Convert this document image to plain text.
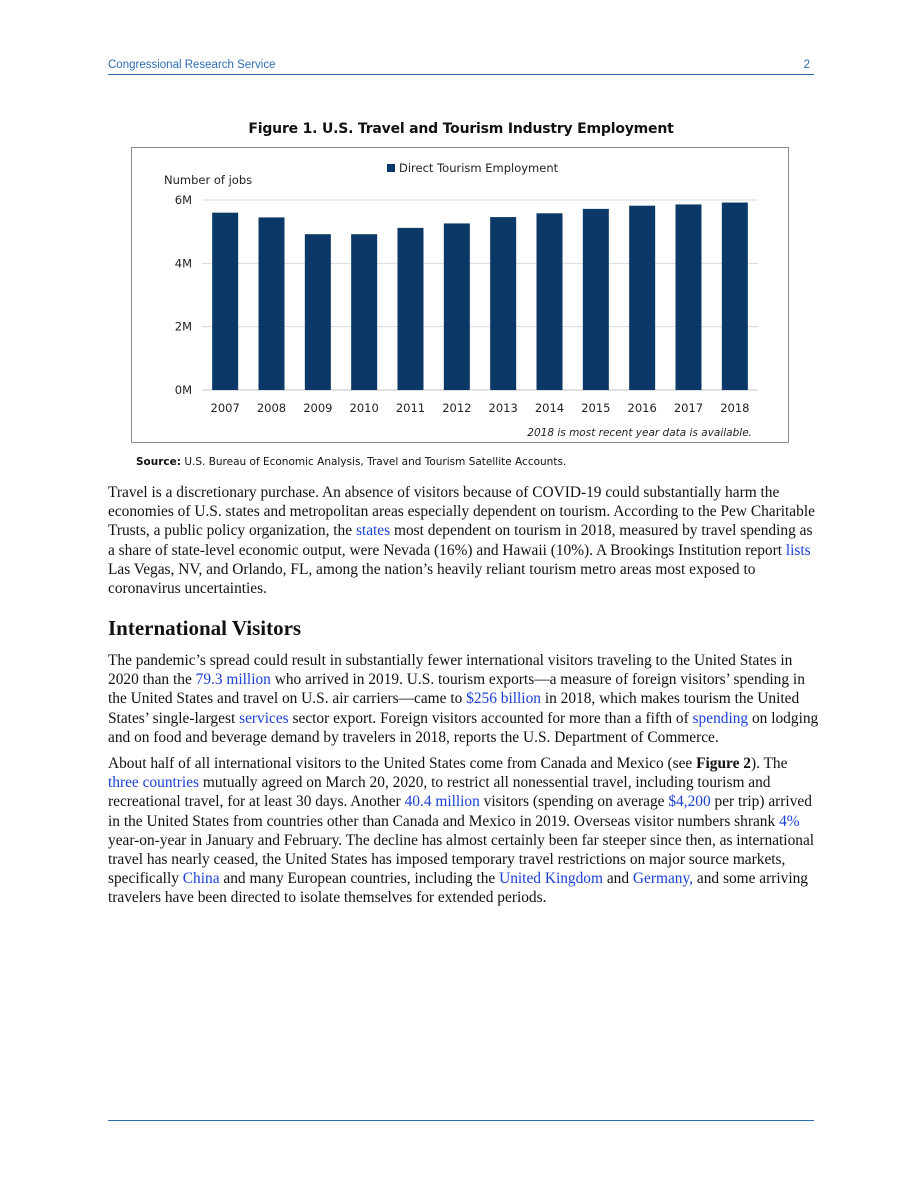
Congressional Research Service	2
Figure 1. U.S. Travel and Tourism Industry Employment
0M
2M
4M
6M
Number of jobs
Direct Tourism Employment
2007 2008 2009 2010 2011 2012 2013 2014 2015 2016 2017 2018
2018 is most recent year data is available.
Source: U.S. Bureau of Economic Analysis, Travel and Tourism Satellite Accounts.

Travel is a discretionary purchase. An absence of visitors because of COVID-19 could substantially harm the economies of U.S. states and metropolitan areas especially dependent on tourism. According to the Pew Charitable Trusts, a public policy organization, the states most dependent on tourism in 2018, measured by travel spending as a share of state-level economic output, were Nevada (16%) and Hawaii (10%). A Brookings Institution report lists Las Vegas, NV, and Orlando, FL, among the nation’s heavily reliant tourism metro areas most exposed to coronavirus uncertainties.

International Visitors

The pandemic’s spread could result in substantially fewer international visitors traveling to the United States in 2020 than the 79.3 million who arrived in 2019. U.S. tourism exports—a measure of foreign visitors’ spending in the United States and travel on U.S. air carriers—came to $256 billion in 2018, which makes tourism the United States’ single-largest services sector export. Foreign visitors accounted for more than a fifth of spending on lodging and on food and beverage demand by travelers in 2018, reports the U.S. Department of Commerce.

About half of all international visitors to the United States come from Canada and Mexico (see Figure 2). The three countries mutually agreed on March 20, 2020, to restrict all nonessential travel, including tourism and recreational travel, for at least 30 days. Another 40.4 million visitors (spending on average $4,200 per trip) arrived in the United States from countries other than Canada and Mexico in 2019. Overseas visitor numbers shrank 4% year-on-year in January and February. The decline has almost certainly been far steeper since then, as international travel has nearly ceased, the United States has imposed temporary travel restrictions on major source markets, specifically China and many European countries, including the United Kingdom and Germany, and some arriving travelers have been directed to isolate themselves for extended periods.
